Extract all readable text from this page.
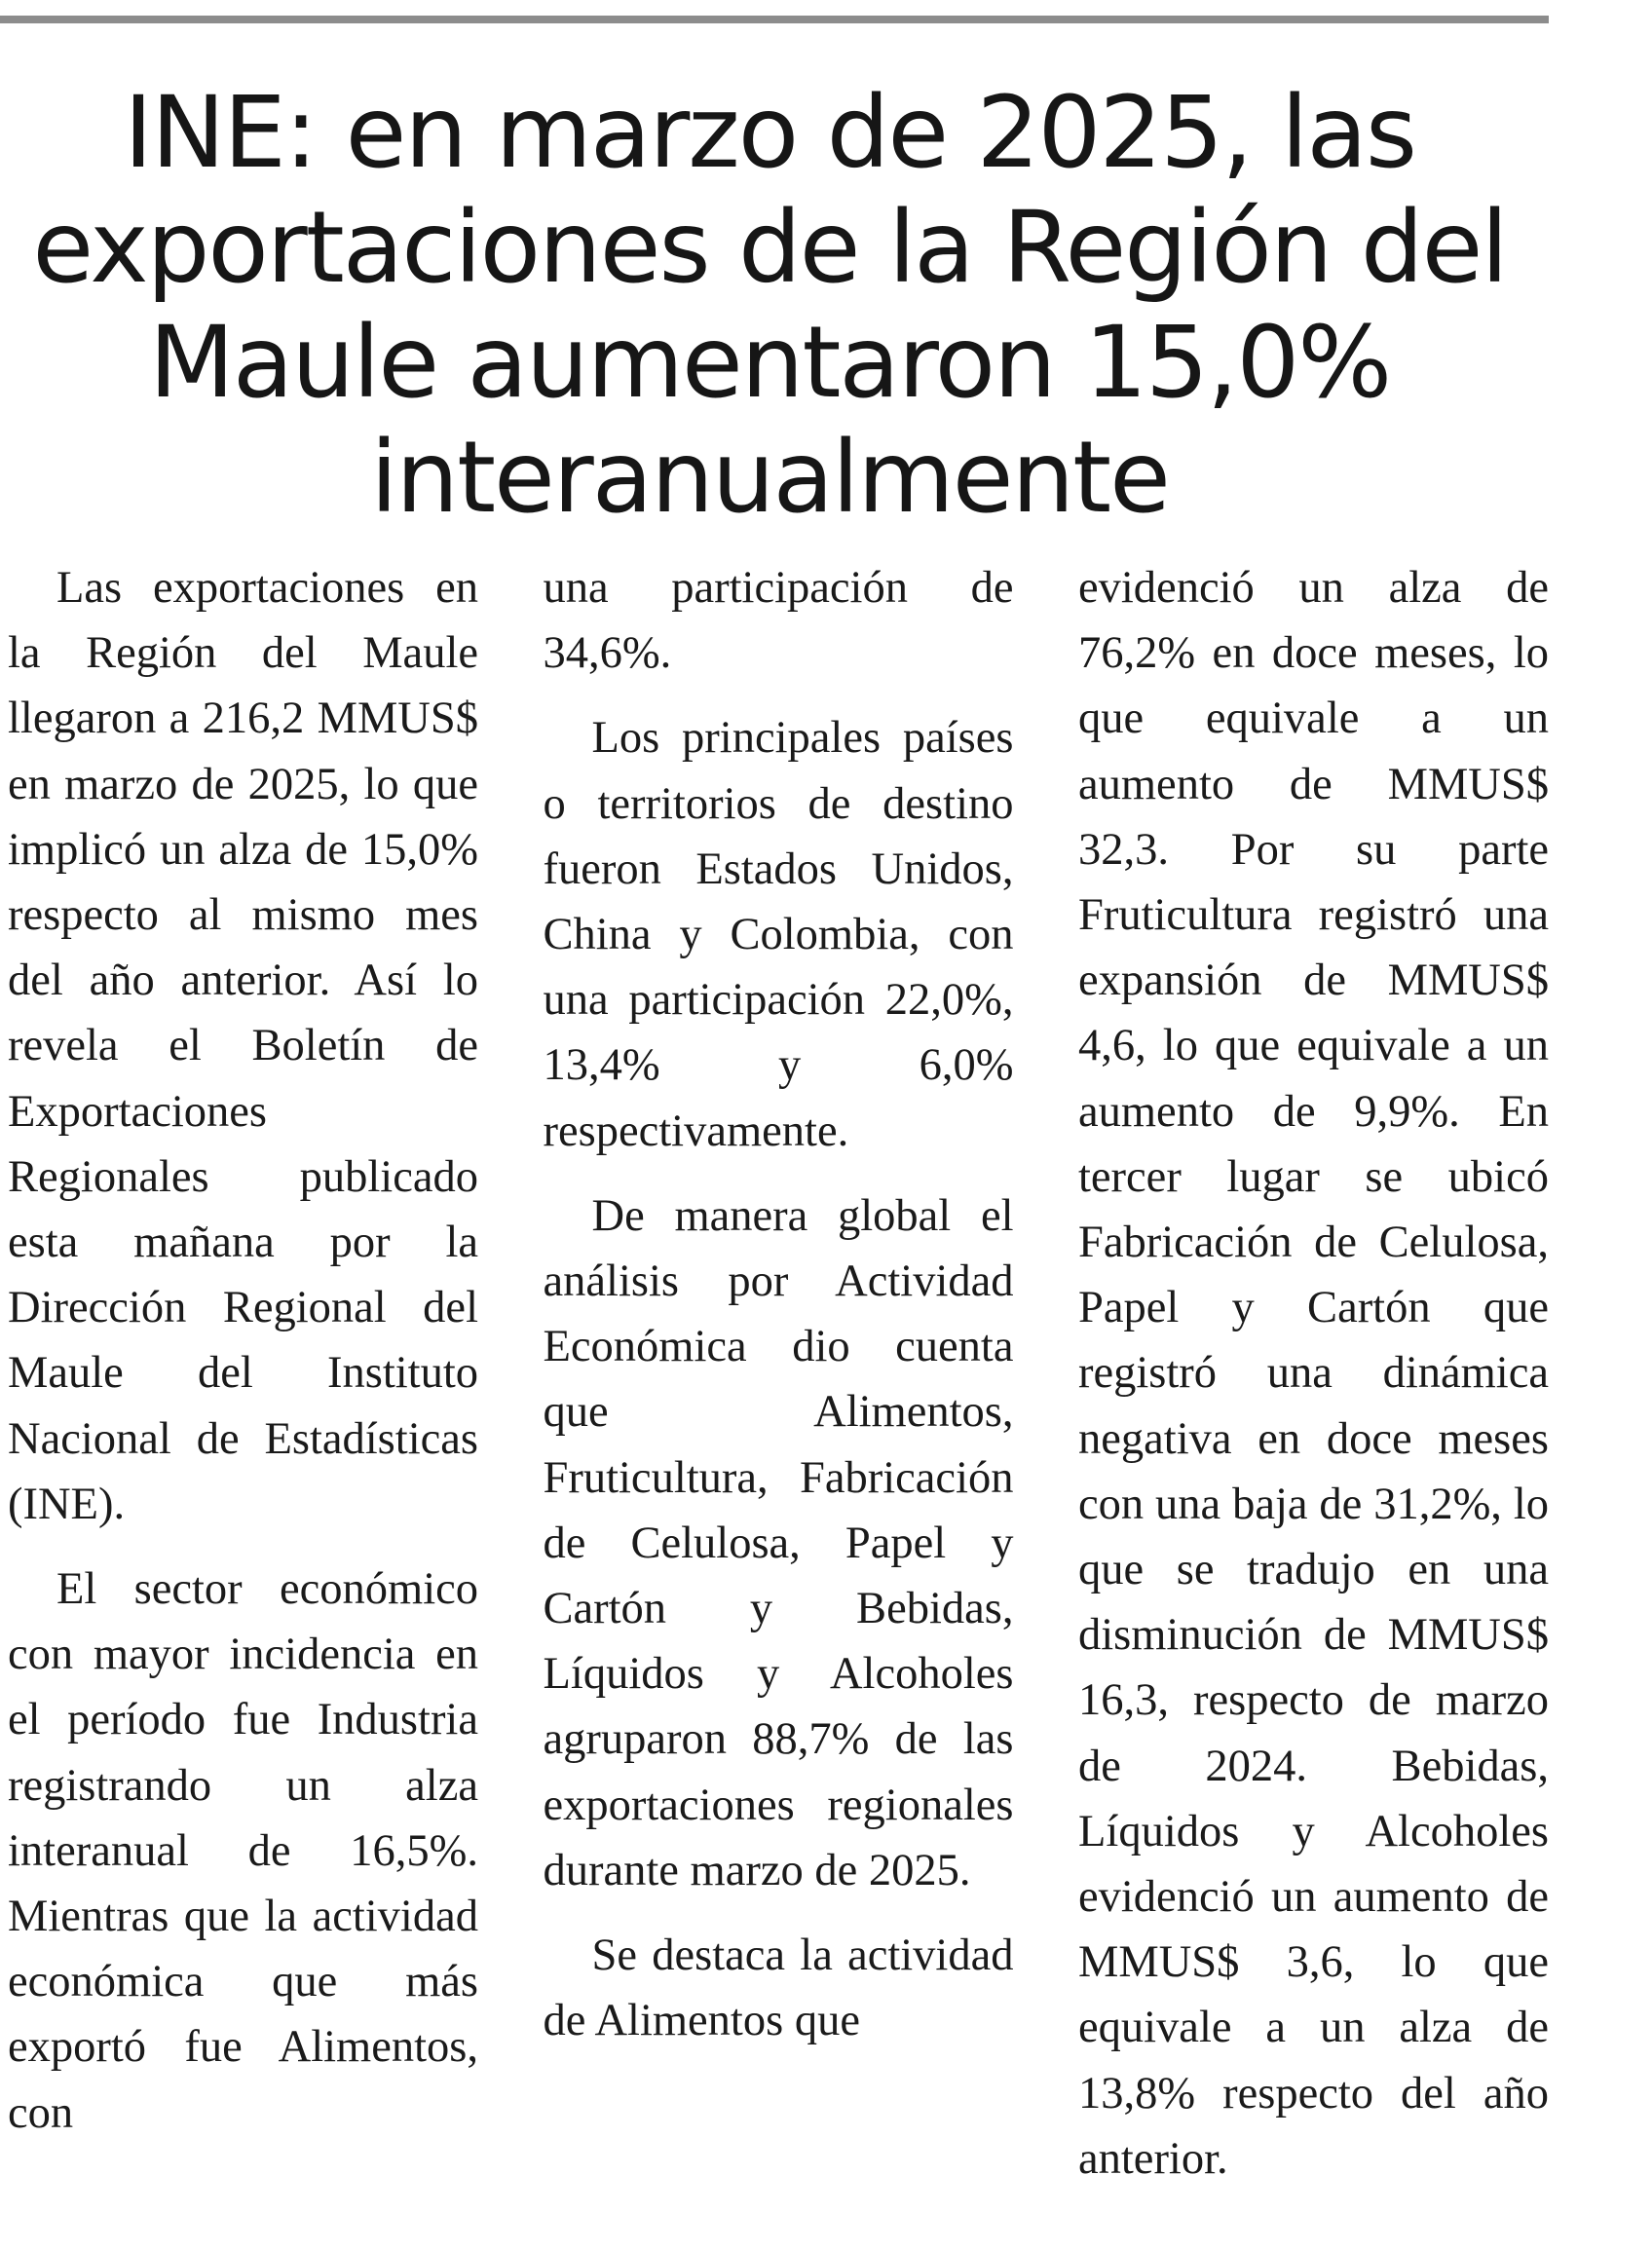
INE: en marzo de 2025, las
exportaciones de la Región del
Maule aumentaron 15,0%
interanualmente

Las exportaciones en la Región del Maule llegaron a 216,2 MMUS$ en marzo de 2025, lo que implicó un alza de 15,0% respecto al mismo mes del año anterior. Así lo revela el Boletín de Exportaciones Regionales publicado esta mañana por la Dirección Regional del Maule del Instituto Nacional de Estadísticas (INE).

El sector económico con mayor incidencia en el período fue Industria registrando un alza interanual de 16,5%. Mientras que la actividad económica que más exportó fue Alimentos, con

una participación de 34,6%.

Los principales países o territorios de destino fueron Estados Unidos, China y Colombia, con una participación 22,0%, 13,4% y 6,0% respectivamente.

De manera global el análisis por Actividad Económica dio cuenta que Alimentos, Fruticultura, Fabricación de Celulosa, Papel y Cartón y Bebidas, Líquidos y Alcoholes agruparon 88,7% de las exportaciones regionales durante marzo de 2025.

Se destaca la actividad de Alimentos que

evidenció un alza de 76,2% en doce meses, lo que equivale a un aumento de MMUS$ 32,3. Por su parte Fruticultura registró una expansión de MMUS$ 4,6, lo que equivale a un aumento de 9,9%. En tercer lugar se ubicó Fabricación de Celulosa, Papel y Cartón que registró una dinámica negativa en doce meses con una baja de 31,2%, lo que se tradujo en una disminución de MMUS$ 16,3, respecto de marzo de 2024. Bebidas, Líquidos y Alcoholes evidenció un aumento de MMUS$ 3,6, lo que equivale a un alza de 13,8% respecto del año anterior.
